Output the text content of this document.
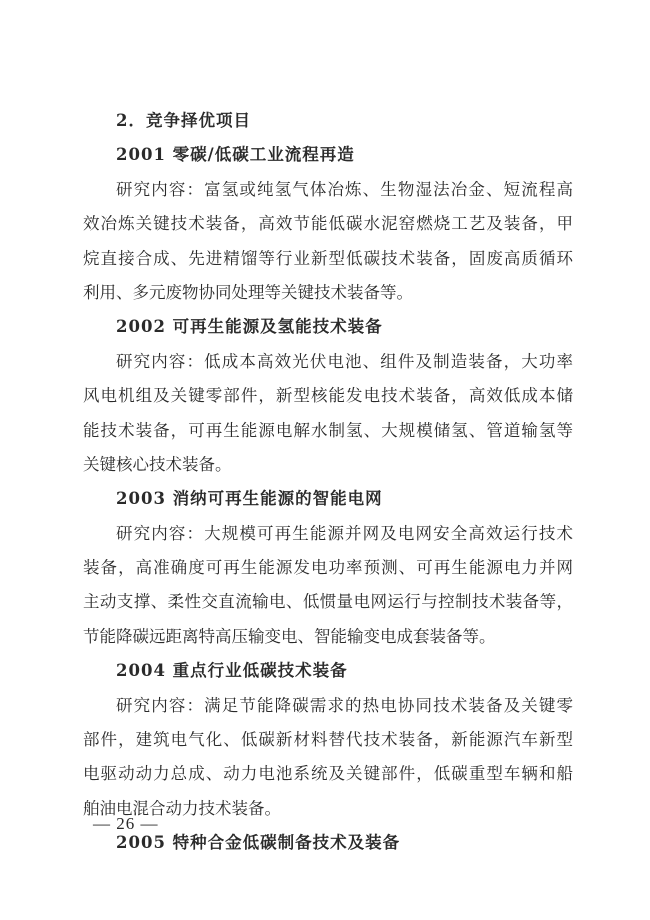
2．竞争择优项目
2001 零碳/低碳工业流程再造
研究内容：富氢或纯氢气体冶炼、生物湿法冶金、短流程高
效冶炼关键技术装备，高效节能低碳水泥窑燃烧工艺及装备，甲
烷直接合成、先进精馏等行业新型低碳技术装备，固废高质循环
利用、多元废物协同处理等关键技术装备等。
2002 可再生能源及氢能技术装备
研究内容：低成本高效光伏电池、组件及制造装备，大功率
风电机组及关键零部件，新型核能发电技术装备，高效低成本储
能技术装备，可再生能源电解水制氢、大规模储氢、管道输氢等
关键核心技术装备。
2003 消纳可再生能源的智能电网
研究内容：大规模可再生能源并网及电网安全高效运行技术
装备，高准确度可再生能源发电功率预测、可再生能源电力并网
主动支撑、柔性交直流输电、低惯量电网运行与控制技术装备等，
节能降碳远距离特高压输变电、智能输变电成套装备等。
2004 重点行业低碳技术装备
研究内容：满足节能降碳需求的热电协同技术装备及关键零
部件，建筑电气化、低碳新材料替代技术装备，新能源汽车新型
电驱动动力总成、动力电池系统及关键部件，低碳重型车辆和船
舶油电混合动力技术装备。
2005 特种合金低碳制备技术及装备
— 26 —
